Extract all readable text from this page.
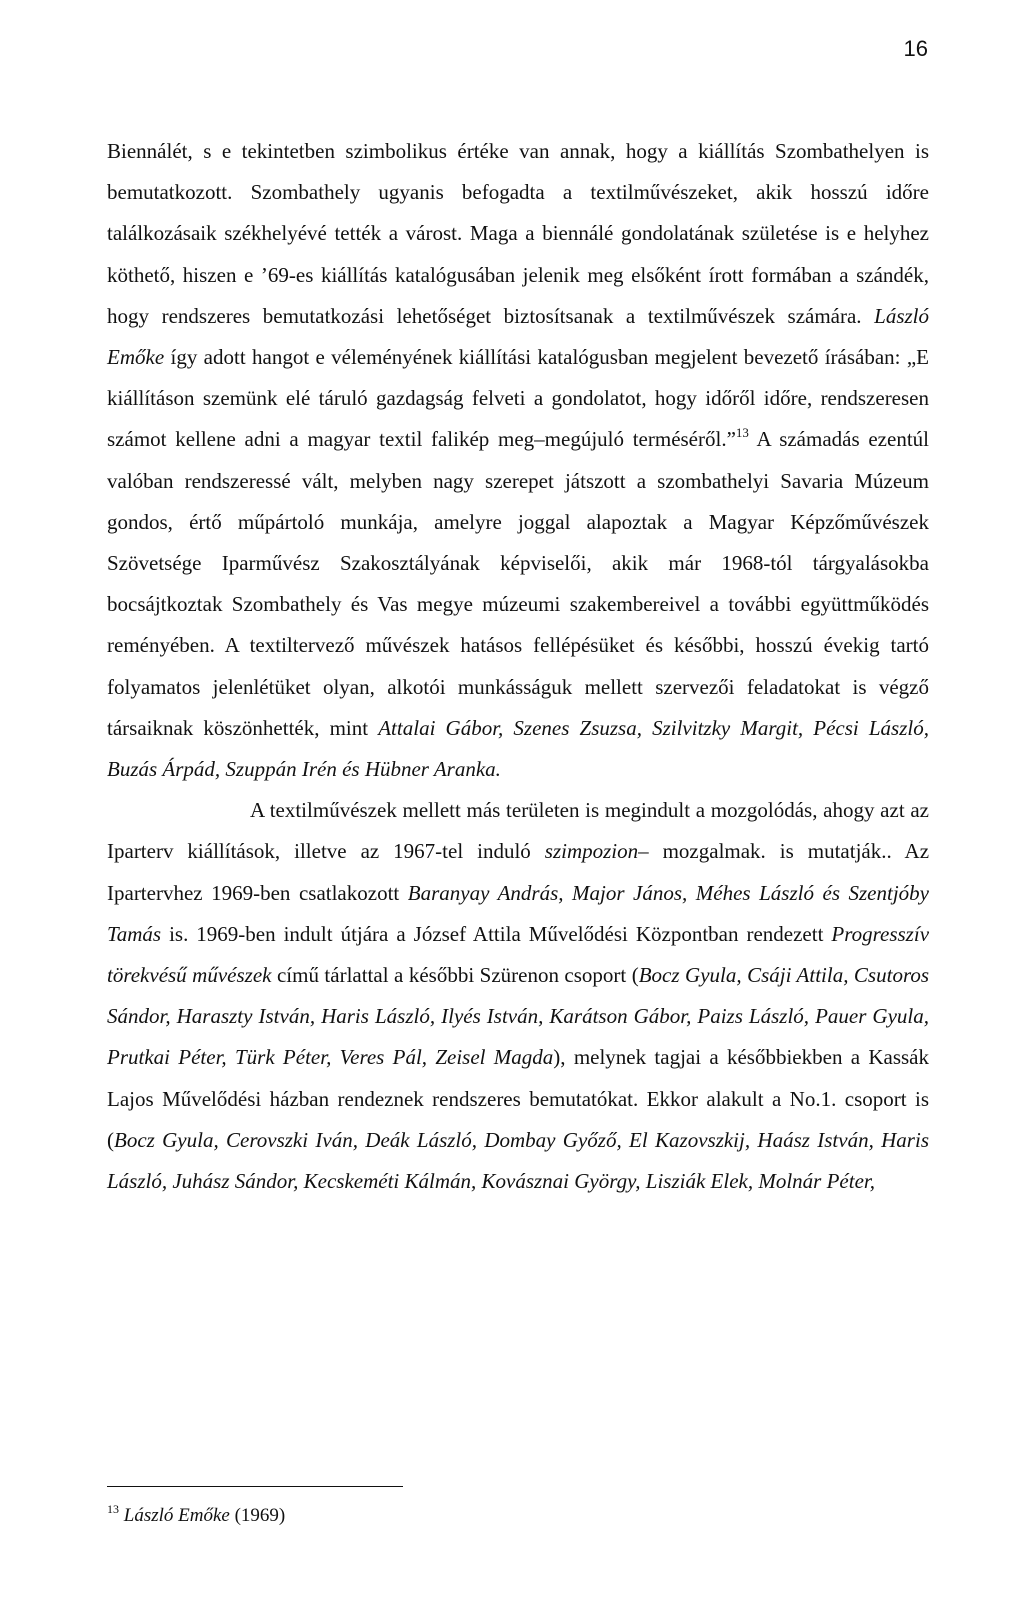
16

Biennálét, s e tekintetben szimbolikus értéke van annak, hogy a kiállítás Szombathelyen is bemutatkozott. Szombathely ugyanis befogadta a textilművészeket, akik hosszú időre találkozásaik székhelyévé tették a várost. Maga a biennálé gondolatának születése is e helyhez köthető, hiszen e ’69-es kiállítás katalógusában jelenik meg elsőként írott formában a szándék, hogy rendszeres bemutatkozási lehetőséget biztosítsanak a textilművészek számára. László Emőke így adott hangot e véleményének kiállítási katalógusban megjelent bevezető írásában: „E kiállításon szemünk elé táruló gazdagság felveti a gondolatot, hogy időről időre, rendszeresen számot kellene adni a magyar textil falikép meg–megújuló terméséről.”$^{13}$ A számadás ezentúl valóban rendszeressé vált, melyben nagy szerepet játszott a szombathelyi Savaria Múzeum gondos, értő műpártoló munkája, amelyre joggal alapoztak a Magyar Képzőművészek Szövetsége Iparművész Szakosztályának képviselői, akik már 1968-tól tárgyalásokba bocsájtkoztak Szombathely és Vas megye múzeumi szakembereivel a további együttműködés reményében. A textiltervező művészek hatásos fellépésüket és későbbi, hosszú évekig tartó folyamatos jelenlétüket olyan, alkotói munkásságuk mellett szervezői feladatokat is végző társaiknak köszönhették, mint Attalai Gábor, Szenes Zsuzsa, Szilvitzky Margit, Pécsi László, Buzás Árpád, Szuppán Irén és Hübner Aranka.

A textilművészek mellett más területen is megindult a mozgolódás, ahogy azt az Iparterv kiállítások, illetve az 1967-tel induló szimpozion– mozgalmak. is mutatják.. Az Ipartervhez 1969-ben csatlakozott Baranyay András, Major János, Méhes László és Szentjóby Tamás is. 1969-ben indult útjára a József Attila Művelődési Központban rendezett Progresszív törekvésű művészek című tárlattal a későbbi Szürenon csoport (Bocz Gyula, Csáji Attila, Csutoros Sándor, Haraszty István, Haris László, Ilyés István, Karátson Gábor, Paizs László, Pauer Gyula, Prutkai Péter, Türk Péter, Veres Pál, Zeisel Magda), melynek tagjai a későbbiekben a Kassák Lajos Művelődési házban rendeznek rendszeres bemutatókat. Ekkor alakult a No.1. csoport is (Bocz Gyula, Cerovszki Iván, Deák László, Dombay Győző, El Kazovszkij, Haász István, Haris László, Juhász Sándor, Kecskeméti Kálmán, Kovásznai György, Lisziák Elek, Molnár Péter,

$^{13}$ László Emőke (1969)
